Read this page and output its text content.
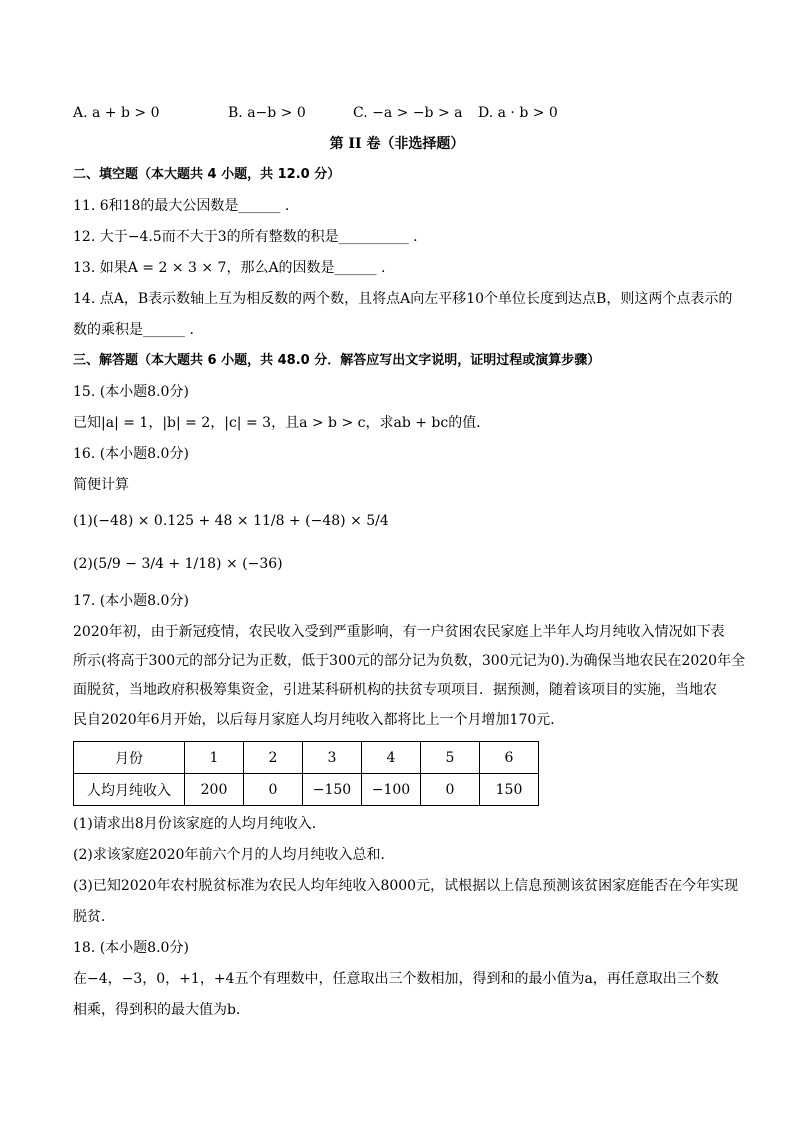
A. a + b > 0	B. a−b > 0	C. −a > −b > a D. a · b > 0
第 II 卷（非选择题）
二、填空题（本大题共 4 小题，共 12.0 分）
11. 6和18的最大公因数是______ .
12. 大于−4.5而不大于3的所有整数的积是__________ .
13. 如果A = 2 × 3 × 7，那么A的因数是______ .
14. 点A，B表示数轴上互为相反数的两个数，且将点A向左平移10个单位长度到达点B，则这两个点表示的
数的乘积是______ .
三、解答题（本大题共 6 小题，共 48.0 分．解答应写出文字说明，证明过程或演算步骤）
15. (本小题8.0分)
已知|a| = 1，|b| = 2，|c| = 3，且a > b > c，求ab + bc的值．
16. (本小题8.0分)
简便计算
(1)(−48) × 0.125 + 48 × 11/8 + (−48) × 5/4
(2)(5/9 − 3/4 + 1/18) × (−36)
17. (本小题8.0分)
2020年初，由于新冠疫情，农民收入受到严重影响，有一户贫困农民家庭上半年人均月纯收入情况如下表
所示(将高于300元的部分记为正数，低于300元的部分记为负数，300元记为0).为确保当地农民在2020年全
面脱贫，当地政府积极筹集资金，引进某科研机构的扶贫专项项目．据预测，随着该项目的实施，当地农
民自2020年6月开始，以后每月家庭人均月纯收入都将比上一个月增加170元．
月份	1	2	3	4	5	6
人均月纯收入	200	0	−150	−100	0	150
(1)请求出8月份该家庭的人均月纯收入．
(2)求该家庭2020年前六个月的人均月纯收入总和．
(3)已知2020年农村脱贫标准为农民人均年纯收入8000元，试根据以上信息预测该贫困家庭能否在今年实现
脱贫．
18. (本小题8.0分)
在−4，−3，0，+1，+4五个有理数中，任意取出三个数相加，得到和的最小值为a，再任意取出三个数
相乘，得到积的最大值为b．
